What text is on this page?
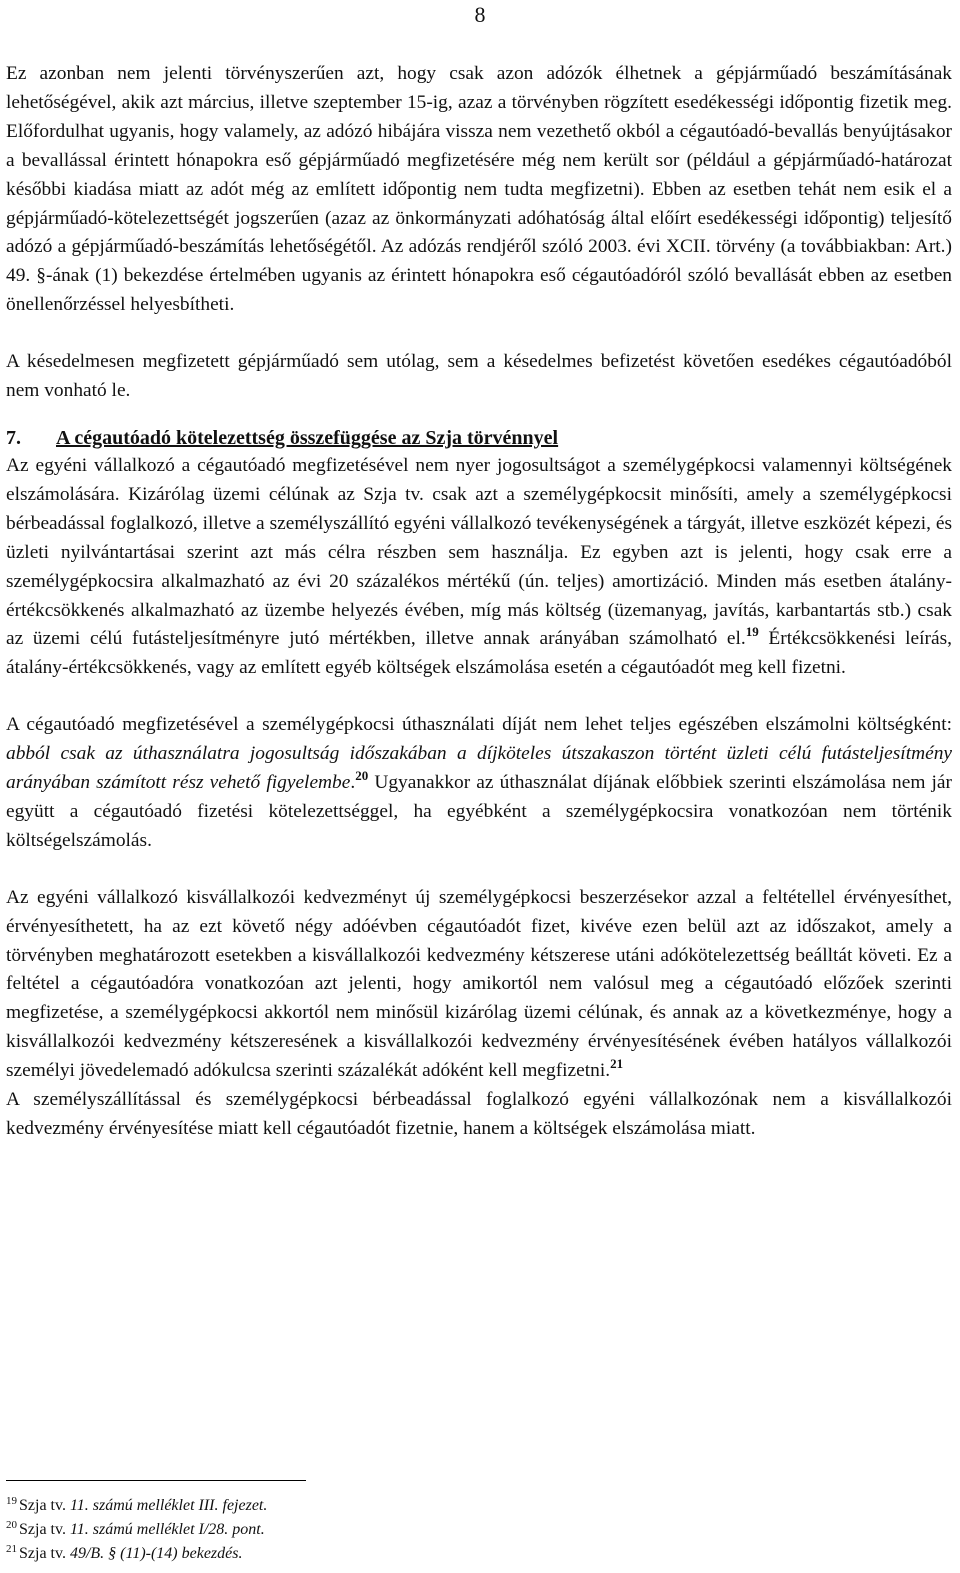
8

Ez azonban nem jelenti törvényszerűen azt, hogy csak azon adózók élhetnek a gépjárműadó beszámításának lehetőségével, akik azt március, illetve szeptember 15-ig, azaz a törvényben rögzített esedékességi időpontig fizetik meg. Előfordulhat ugyanis, hogy valamely, az adózó hibájára vissza nem vezethető okból a cégautóadó-bevallás benyújtásakor a bevallással érintett hónapokra eső gépjárműadó megfizetésére még nem került sor (például a gépjárműadó-határozat későbbi kiadása miatt az adót még az említett időpontig nem tudta megfizetni). Ebben az esetben tehát nem esik el a gépjárműadó-kötelezettségét jogszerűen (azaz az önkormányzati adóhatóság által előírt esedékességi időpontig) teljesítő adózó a gépjárműadó-beszámítás lehetőségétől. Az adózás rendjéről szóló 2003. évi XCII. törvény (a továbbiakban: Art.) 49. §-ának (1) bekezdése értelmében ugyanis az érintett hónapokra eső cégautóadóról szóló bevallását ebben az esetben önellenőrzéssel helyesbítheti.

A késedelmesen megfizetett gépjárműadó sem utólag, sem a késedelmes befizetést követően esedékes cégautóadóból nem vonható le.

7. A cégautóadó kötelezettség összefüggése az Szja törvénnyel

Az egyéni vállalkozó a cégautóadó megfizetésével nem nyer jogosultságot a személygépkocsi valamennyi költségének elszámolására. Kizárólag üzemi célúnak az Szja tv. csak azt a személygépkocsit minősíti, amely a személygépkocsi bérbeadással foglalkozó, illetve a személyszállító egyéni vállalkozó tevékenységének a tárgyát, illetve eszközét képezi, és üzleti nyilvántartásai szerint azt más célra részben sem használja. Ez egyben azt is jelenti, hogy csak erre a személygépkocsira alkalmazható az évi 20 százalékos mértékű (ún. teljes) amortizáció. Minden más esetben átalány-értékcsökkenés alkalmazható az üzembe helyezés évében, míg más költség (üzemanyag, javítás, karbantartás stb.) csak az üzemi célú futásteljesítményre jutó mértékben, illetve annak arányában számolható el.$^{19}$ Értékcsökkenési leírás, átalány-értékcsökkenés, vagy az említett egyéb költségek elszámolása esetén a cégautóadót meg kell fizetni.

A cégautóadó megfizetésével a személygépkocsi úthasználati díját nem lehet teljes egészében elszámolni költségként: abból csak az úthasználatra jogosultság időszakában a díjköteles útszakaszon történt üzleti célú futásteljesítmény arányában számított rész vehető figyelembe.$^{20}$ Ugyanakkor az úthasználat díjának előbbiek szerinti elszámolása nem jár együtt a cégautóadó fizetési kötelezettséggel, ha egyébként a személygépkocsira vonatkozóan nem történik költségelszámolás.

Az egyéni vállalkozó kisvállalkozói kedvezményt új személygépkocsi beszerzésekor azzal a feltétellel érvényesíthet, érvényesíthetett, ha az ezt követő négy adóévben cégautóadót fizet, kivéve ezen belül azt az időszakot, amely a törvényben meghatározott esetekben a kisvállalkozói kedvezmény kétszerese utáni adókötelezettség beálltát követi. Ez a feltétel a cégautóadóra vonatkozóan azt jelenti, hogy amikortól nem valósul meg a cégautóadó előzőek szerinti megfizetése, a személygépkocsi akkortól nem minősül kizárólag üzemi célúnak, és annak az a következménye, hogy a kisvállalkozói kedvezmény kétszeresének a kisvállalkozói kedvezmény érvényesítésének évében hatályos vállalkozói személyi jövedelemadó adókulcsa szerinti százalékát adóként kell megfizetni.$^{21}$

A személyszállítással és személygépkocsi bérbeadással foglalkozó egyéni vállalkozónak nem a kisvállalkozói kedvezmény érvényesítése miatt kell cégautóadót fizetnie, hanem a költségek elszámolása miatt.

$^{19}$ Szja tv. 11. számú melléklet III. fejezet.
$^{20}$ Szja tv. 11. számú melléklet I/28. pont.
$^{21}$ Szja tv. 49/B. § (11)-(14) bekezdés.
